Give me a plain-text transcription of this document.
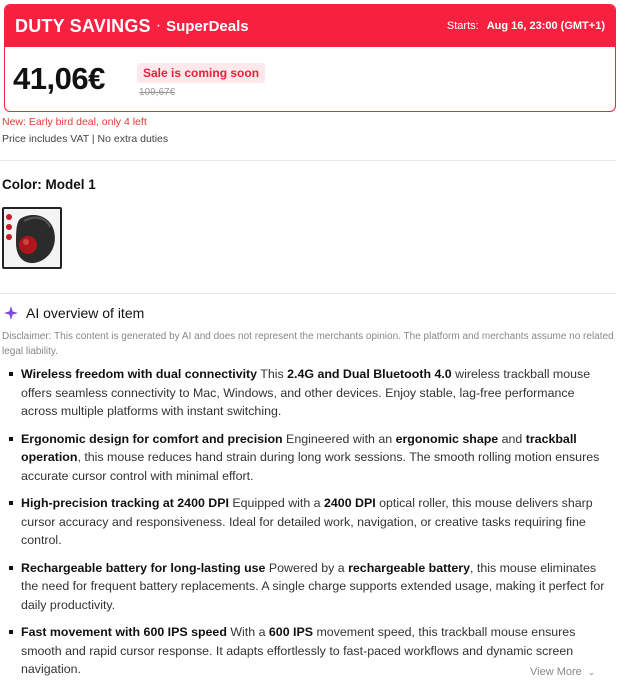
DUTY SAVINGS · SuperDeals	Starts: Aug 16, 23:00 (GMT+1)
41,06€	Sale is coming soon
109,67€
New: Early bird deal, only 4 left
Price includes VAT | No extra duties
Color: Model 1
AI overview of item
Disclaimer: This content is generated by AI and does not represent the merchants opinion. The platform and merchants assume no related legal liability.
Wireless freedom with dual connectivity This 2.4G and Dual Bluetooth 4.0 wireless trackball mouse offers seamless connectivity to Mac, Windows, and other devices. Enjoy stable, lag-free performance across multiple platforms with instant switching.
Ergonomic design for comfort and precision Engineered with an ergonomic shape and trackball operation, this mouse reduces hand strain during long work sessions. The smooth rolling motion ensures accurate cursor control with minimal effort.
High-precision tracking at 2400 DPI Equipped with a 2400 DPI optical roller, this mouse delivers sharp cursor accuracy and responsiveness. Ideal for detailed work, navigation, or creative tasks requiring fine control.
Rechargeable battery for long-lasting use Powered by a rechargeable battery, this mouse eliminates the need for frequent battery replacements. A single charge supports extended usage, making it perfect for daily productivity.
Fast movement with 600 IPS speed With a 600 IPS movement speed, this trackball mouse ensures smooth and rapid cursor response. It adapts effortlessly to fast-paced workflows and dynamic screen navigation.	View More ⌄
